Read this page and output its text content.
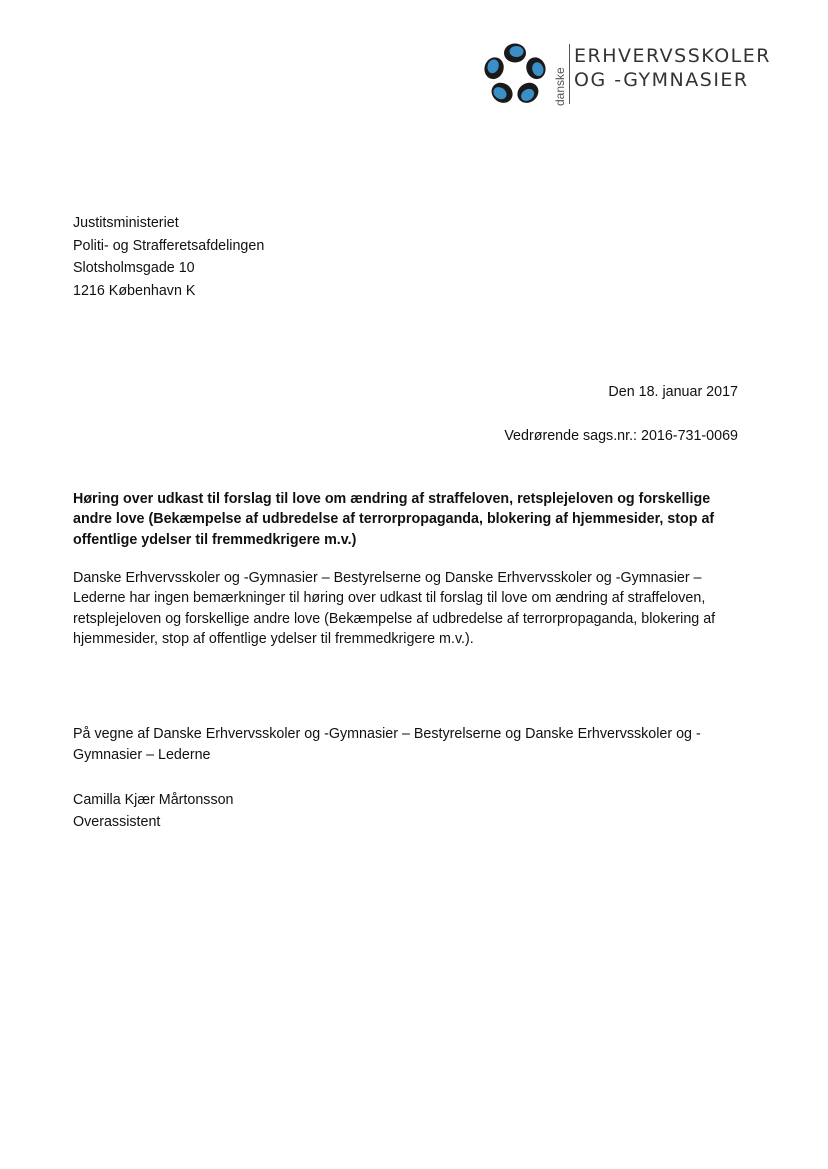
danske
ERHVERVSSKOLER
OG -GYMNASIER
Justitsministeriet
Politi- og Strafferetsafdelingen
Slotsholmsgade 10
1216 København K
Den 18. januar 2017
Vedrørende sags.nr.: 2016-731-0069
Høring over udkast til forslag til love om ændring af straffeloven, retsplejeloven og forskellige andre love (Bekæmpelse af udbredelse af terrorpropaganda, blokering af hjemmesider, stop af offentlige ydelser til fremmedkrigere m.v.)
Danske Erhvervsskoler og -Gymnasier – Bestyrelserne og Danske Erhvervsskoler og -Gymnasier – Lederne har ingen bemærkninger til høring over udkast til forslag til love om ændring af straffeloven, retsplejeloven og forskellige andre love (Bekæmpelse af udbredelse af terrorpropaganda, blokering af hjemmesider, stop af offentlige ydelser til fremmedkrigere m.v.).
På vegne af Danske Erhvervsskoler og -Gymnasier – Bestyrelserne og Danske Erhvervsskoler og -Gymnasier – Lederne
Camilla Kjær Mårtonsson
Overassistent
